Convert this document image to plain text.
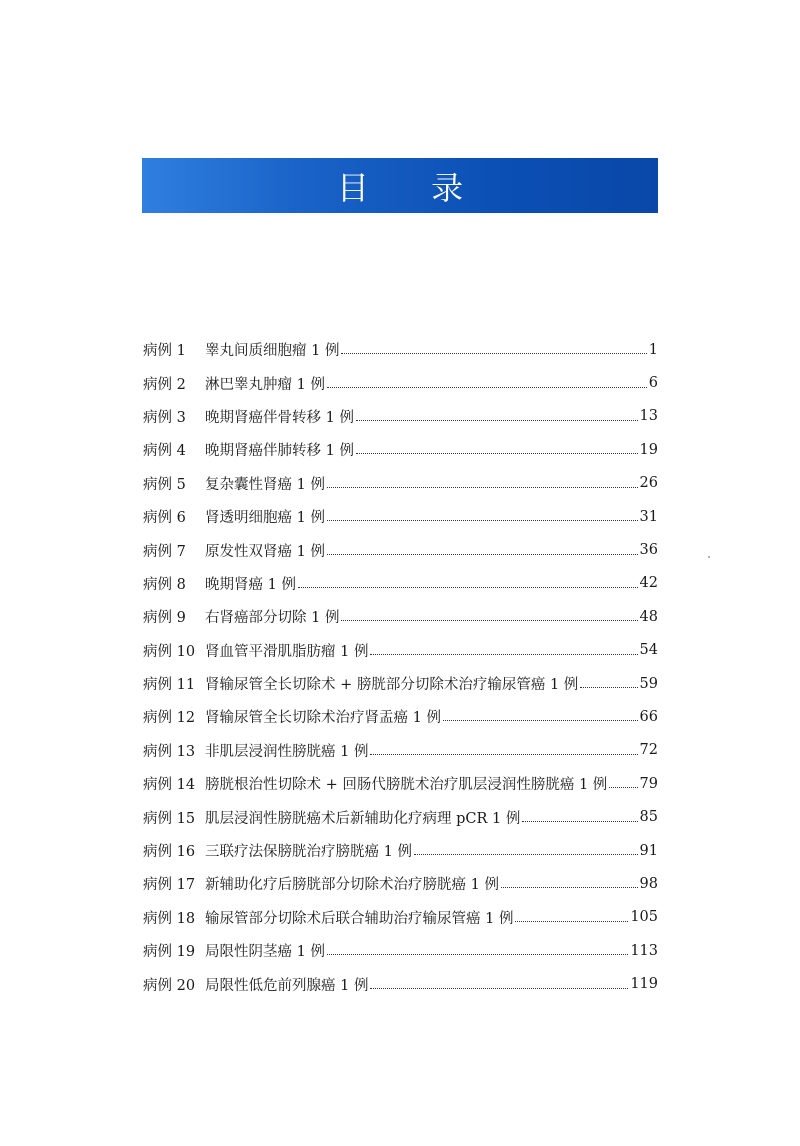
目 录
病例 1	睾丸间质细胞瘤 1 例	1
病例 2	淋巴睾丸肿瘤 1 例	6
病例 3	晚期肾癌伴骨转移 1 例	13
病例 4	晚期肾癌伴肺转移 1 例	19
病例 5	复杂囊性肾癌 1 例	26
病例 6	肾透明细胞癌 1 例	31
病例 7	原发性双肾癌 1 例	36
病例 8	晚期肾癌 1 例	42
病例 9	右肾癌部分切除 1 例	48
病例 10 肾血管平滑肌脂肪瘤 1 例	54
病例 11 肾输尿管全长切除术 + 膀胱部分切除术治疗输尿管癌 1 例	59
病例 12 肾输尿管全长切除术治疗肾盂癌 1 例	66
病例 13 非肌层浸润性膀胱癌 1 例	72
病例 14 膀胱根治性切除术 + 回肠代膀胱术治疗肌层浸润性膀胱癌 1 例 79
病例 15 肌层浸润性膀胱癌术后新辅助化疗病理 pCR 1 例	85
病例 16 三联疗法保膀胱治疗膀胱癌 1 例	91
病例 17 新辅助化疗后膀胱部分切除术治疗膀胱癌 1 例	98
病例 18 输尿管部分切除术后联合辅助治疗输尿管癌 1 例	105
病例 19 局限性阴茎癌 1 例	113
病例 20 局限性低危前列腺癌 1 例	119
